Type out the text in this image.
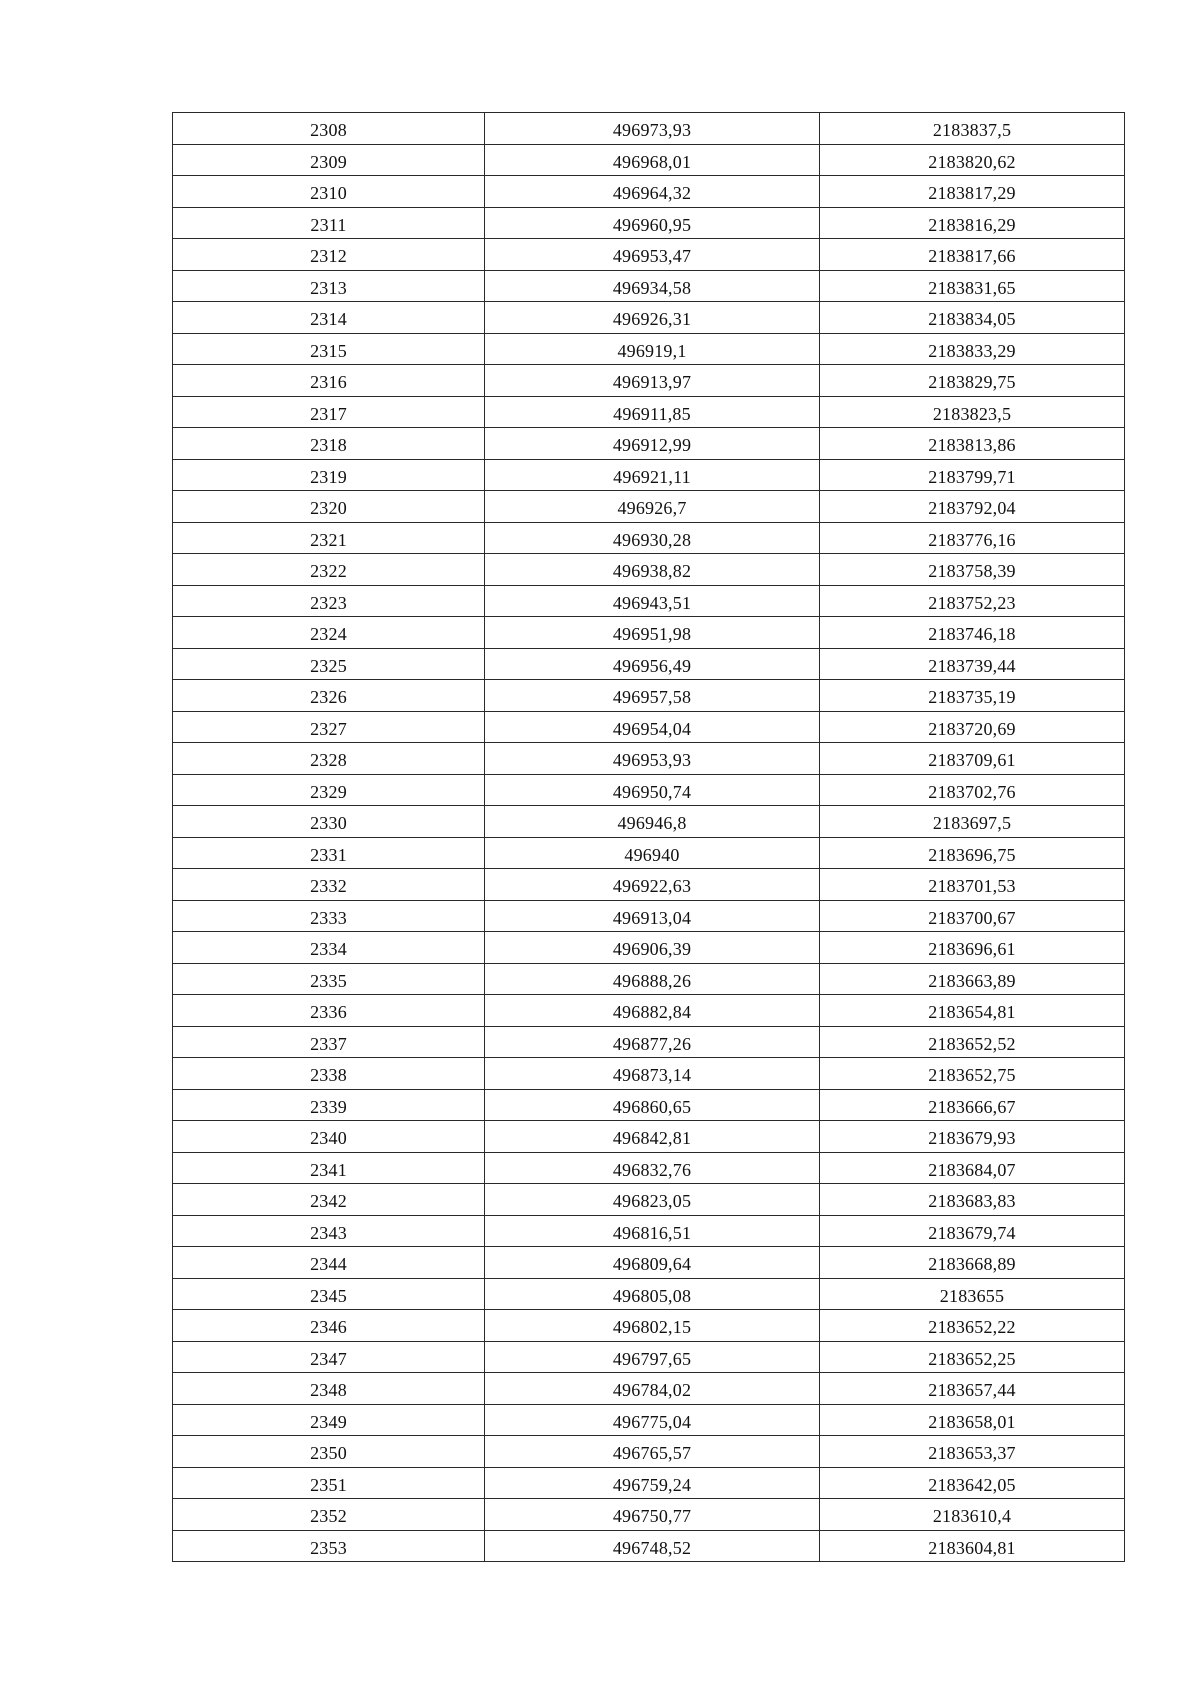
2308	496973,93	2183837,5
2309	496968,01	2183820,62
2310	496964,32	2183817,29
2311	496960,95	2183816,29
2312	496953,47	2183817,66
2313	496934,58	2183831,65
2314	496926,31	2183834,05
2315	496919,1	2183833,29
2316	496913,97	2183829,75
2317	496911,85	2183823,5
2318	496912,99	2183813,86
2319	496921,11	2183799,71
2320	496926,7	2183792,04
2321	496930,28	2183776,16
2322	496938,82	2183758,39
2323	496943,51	2183752,23
2324	496951,98	2183746,18
2325	496956,49	2183739,44
2326	496957,58	2183735,19
2327	496954,04	2183720,69
2328	496953,93	2183709,61
2329	496950,74	2183702,76
2330	496946,8	2183697,5
2331	496940	2183696,75
2332	496922,63	2183701,53
2333	496913,04	2183700,67
2334	496906,39	2183696,61
2335	496888,26	2183663,89
2336	496882,84	2183654,81
2337	496877,26	2183652,52
2338	496873,14	2183652,75
2339	496860,65	2183666,67
2340	496842,81	2183679,93
2341	496832,76	2183684,07
2342	496823,05	2183683,83
2343	496816,51	2183679,74
2344	496809,64	2183668,89
2345	496805,08	2183655
2346	496802,15	2183652,22
2347	496797,65	2183652,25
2348	496784,02	2183657,44
2349	496775,04	2183658,01
2350	496765,57	2183653,37
2351	496759,24	2183642,05
2352	496750,77	2183610,4
2353	496748,52	2183604,81
